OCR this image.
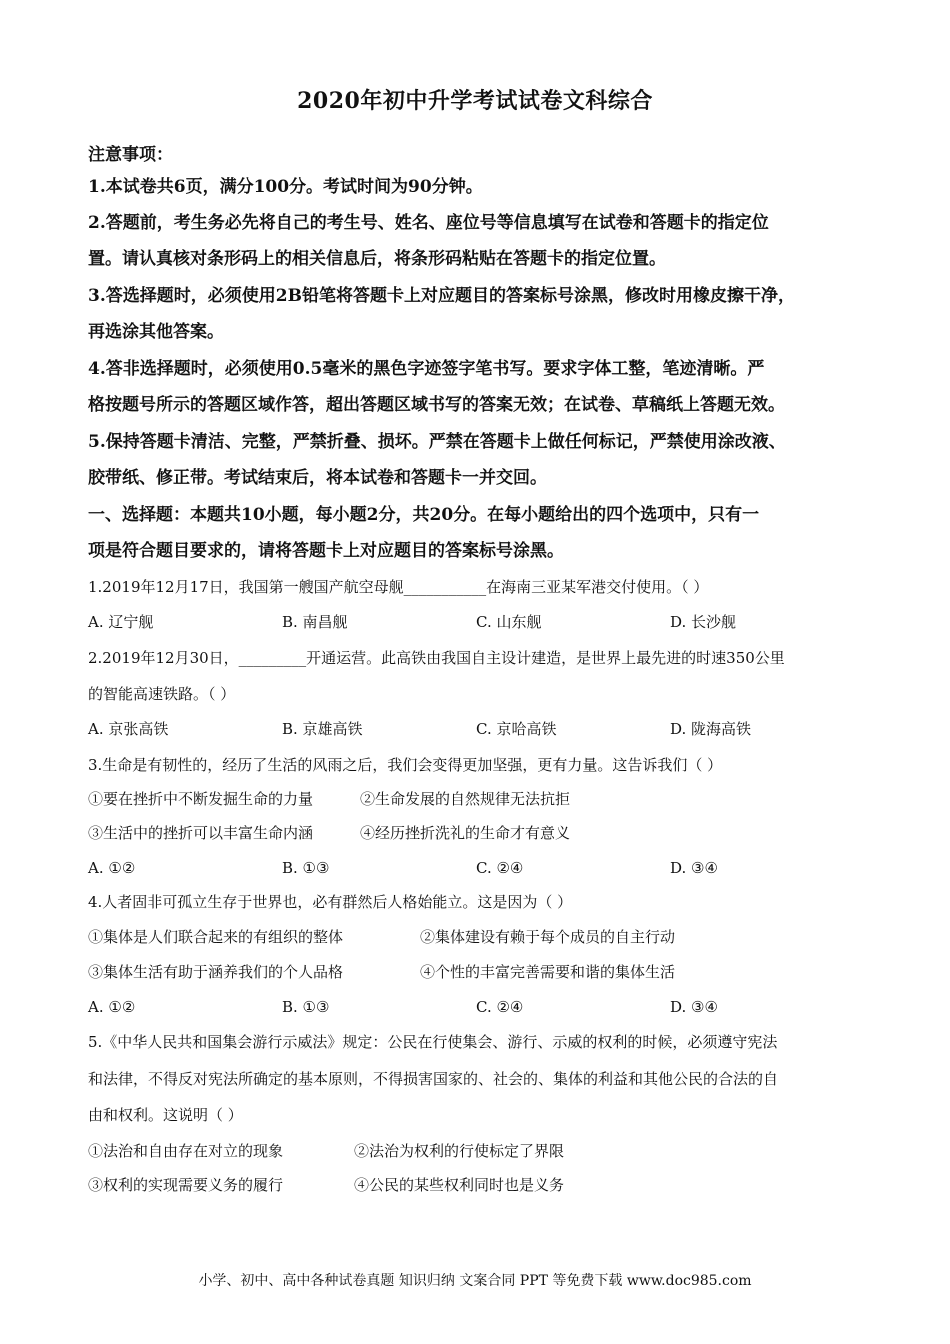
2020年初中升学考试试卷文科综合
注意事项：
1.本试卷共6页，满分100分。考试时间为90分钟。
2.答题前，考生务必先将自己的考生号、姓名、座位号等信息填写在试卷和答题卡的指定位
置。请认真核对条形码上的相关信息后，将条形码粘贴在答题卡的指定位置。
3.答选择题时，必须使用2B铅笔将答题卡上对应题目的答案标号涂黑，修改时用橡皮擦干净，
再选涂其他答案。
4.答非选择题时，必须使用0.5毫米的黑色字迹签字笔书写。要求字体工整，笔迹清晰。严
格按题号所示的答题区域作答，超出答题区域书写的答案无效；在试卷、草稿纸上答题无效。
5.保持答题卡清洁、完整，严禁折叠、损坏。严禁在答题卡上做任何标记，严禁使用涂改液、
胶带纸、修正带。考试结束后，将本试卷和答题卡一并交回。
一、选择题：本题共10小题，每小题2分，共20分。在每小题给出的四个选项中，只有一
项是符合题目要求的，请将答题卡上对应题目的答案标号涂黑。
1.2019年12月17日，我国第一艘国产航空母舰___________在海南三亚某军港交付使用。（ ）
A. 辽宁舰	B. 南昌舰	C. 山东舰	D. 长沙舰
2.2019年12月30日，_________开通运营。此高铁由我国自主设计建造，是世界上最先进的时速350公里
的智能高速铁路。（ ）
A. 京张高铁	B. 京雄高铁	C. 京哈高铁	D. 陇海高铁
3.生命是有韧性的，经历了生活的风雨之后，我们会变得更加坚强，更有力量。这告诉我们（ ）
①要在挫折中不断发掘生命的力量	②生命发展的自然规律无法抗拒
③生活中的挫折可以丰富生命内涵	④经历挫折洗礼的生命才有意义
A. ①②	B. ①③	C. ②④	D. ③④
4.人者固非可孤立生存于世界也，必有群然后人格始能立。这是因为（ ）
①集体是人们联合起来的有组织的整体	②集体建设有赖于每个成员的自主行动
③集体生活有助于涵养我们的个人品格	④个性的丰富完善需要和谐的集体生活
A. ①②	B. ①③	C. ②④	D. ③④
5.《中华人民共和国集会游行示威法》规定：公民在行使集会、游行、示威的权利的时候，必须遵守宪法
和法律，不得反对宪法所确定的基本原则，不得损害国家的、社会的、集体的利益和其他公民的合法的自
由和权利。这说明（ ）
①法治和自由存在对立的现象	②法治为权利的行使标定了界限
③权利的实现需要义务的履行	④公民的某些权利同时也是义务
小学、初中、高中各种试卷真题 知识归纳 文案合同 PPT 等免费下载 www.doc985.com
